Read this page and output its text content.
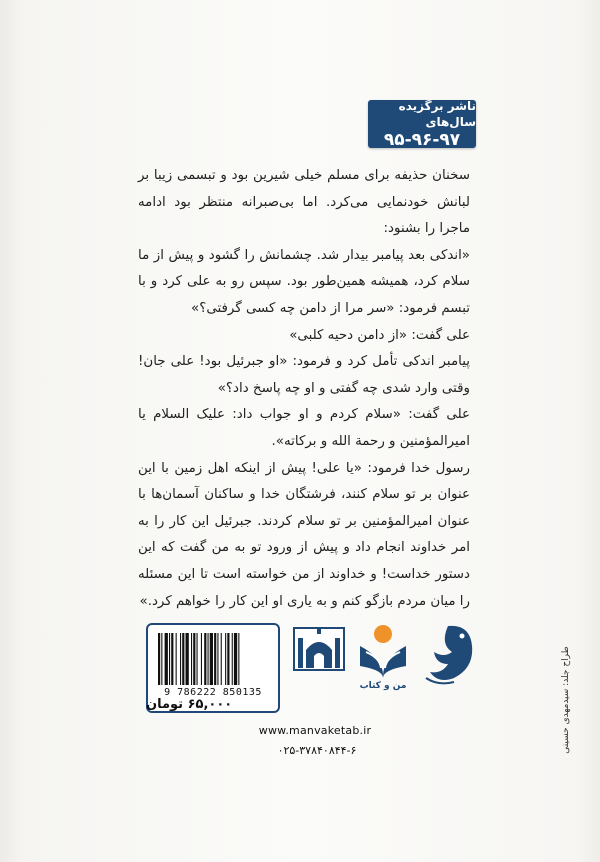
ناشر برگزیده سال‌های
۹۵-۹۶-۹۷

سخنان حذیفه برای مسلم خیلی شیرین بود و تبسمی زیبا بر لبانش خودنمایی می‌کرد. اما بی‌صبرانه منتظر بود ادامه ماجرا را بشنود:

«اندکی بعد پیامبر بیدار شد. چشمانش را گشود و پیش از ما سلام کرد، همیشه همین‌طور بود. سپس رو به علی کرد و با تبسم فرمود: «سر مرا از دامن چه کسی گرفتی؟»

علی گفت: «از دامن دحیه کلبی»

پیامبر اندکی تأمل کرد و فرمود: «او جبرئیل بود! علی جان! وقتی وارد شدی چه گفتی و او چه پاسخ داد؟»

علی گفت: «سلام کردم و او جواب داد: علیک السلام یا امیرالمؤمنین و رحمة الله و برکاته».

رسول خدا فرمود: «یا علی! پیش از اینکه اهل زمین با این عنوان بر تو سلام کنند، فرشتگان خدا و ساکنان آسمان‌ها با عنوان امیرالمؤمنین بر تو سلام کردند. جبرئیل این کار را به امر خداوند انجام داد و پیش از ورود تو به من گفت که این دستور خداست! و خداوند از من خواسته است تا این مسئله را میان مردم بازگو کنم و به یاری او این کار را خواهم کرد.»

9 786222 850135
۶۵,۰۰۰ تومان
من و کتاب
www.manvaketab.ir
۰۲۵-۳۷۸۴۰۸۴۴-۶	طراح جلد: سیدمهدی حسینی
